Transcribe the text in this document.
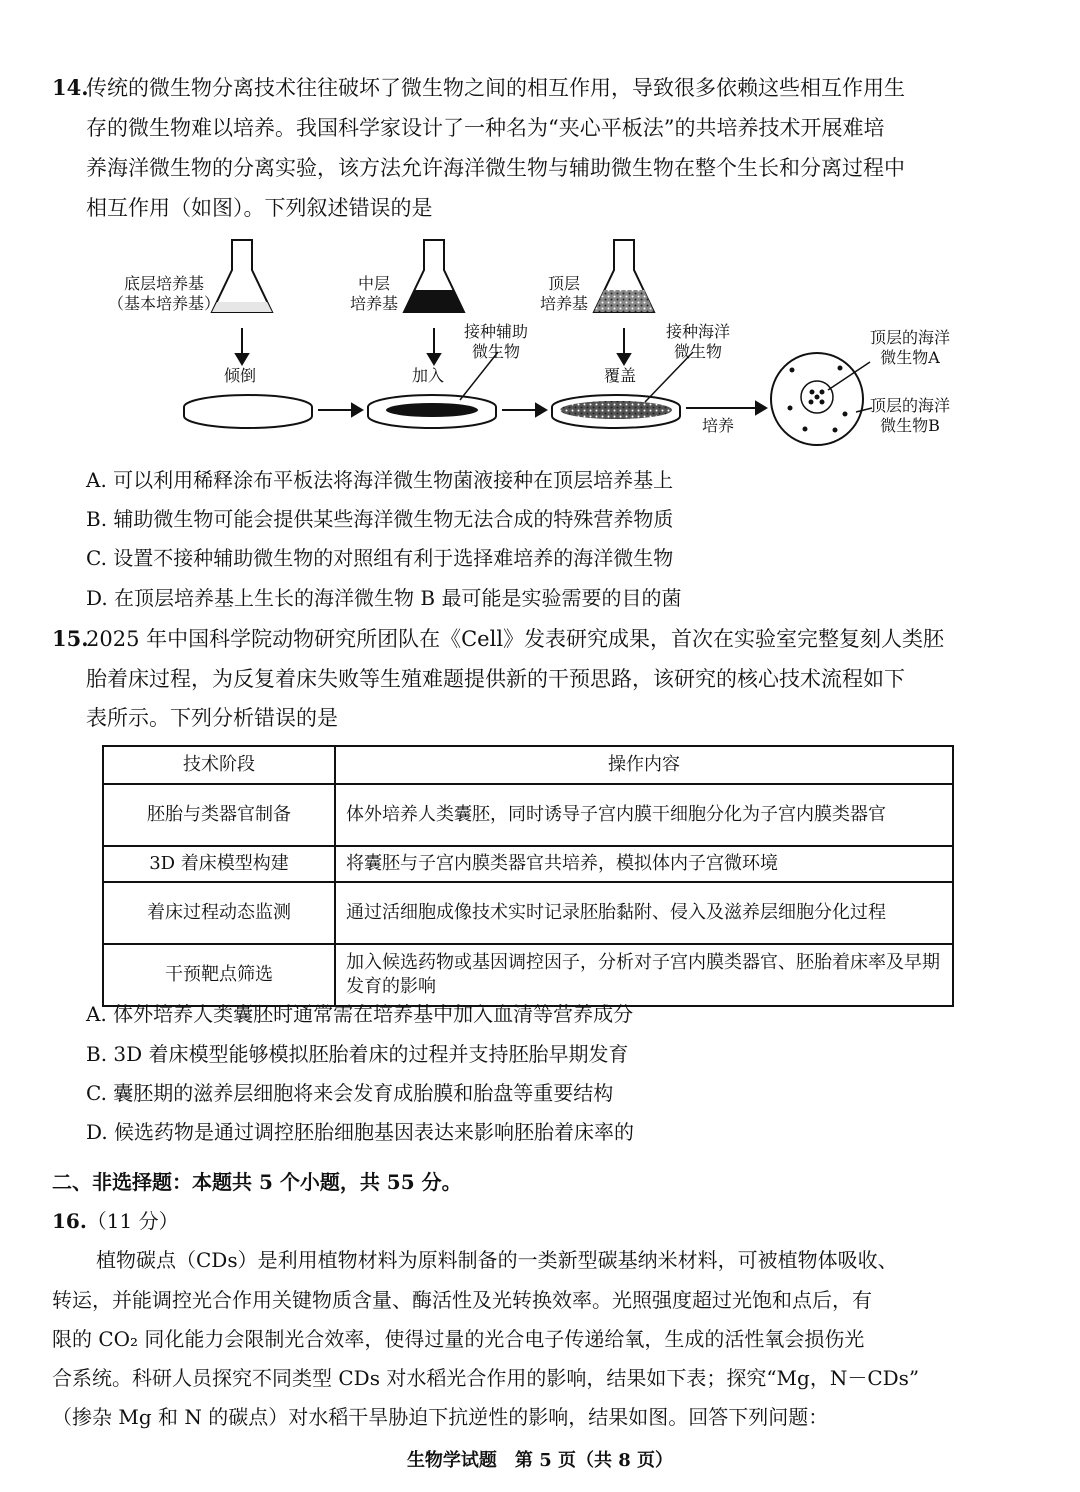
14.
传统的微生物分离技术往往破坏了微生物之间的相互作用，导致很多依赖这些相互作用生
存的微生物难以培养。我国科学家设计了一种名为“夹心平板法”的共培养技术开展难培
养海洋微生物的分离实验，该方法允许海洋微生物与辅助微生物在整个生长和分离过程中
相互作用（如图）。下列叙述错误的是
底层培养基
（基本培养基）
中层
培养基
顶层
培养基
倾倒	加入	覆盖
培养
接种辅助
微生物
接种海洋
微生物
顶层的海洋
微生物A
顶层的海洋
微生物B
A. 可以利用稀释涂布平板法将海洋微生物菌液接种在顶层培养基上
B. 辅助微生物可能会提供某些海洋微生物无法合成的特殊营养物质
C. 设置不接种辅助微生物的对照组有利于选择难培养的海洋微生物
D. 在顶层培养基上生长的海洋微生物 B 最可能是实验需要的目的菌
15.
2025 年中国科学院动物研究所团队在《Cell》发表研究成果，首次在实验室完整复刻人类胚
胎着床过程，为反复着床失败等生殖难题提供新的干预思路，该研究的核心技术流程如下
表所示。下列分析错误的是
技术阶段	操作内容
胚胎与类器官制备	体外培养人类囊胚，同时诱导子宫内膜干细胞分化为子宫内膜类器官
3D 着床模型构建	将囊胚与子宫内膜类器官共培养，模拟体内子宫微环境
着床过程动态监测	通过活细胞成像技术实时记录胚胎黏附、侵入及滋养层细胞分化过程
干预靶点筛选	加入候选药物或基因调控因子，分析对子宫内膜类器官、胚胎着床率及早期发育的影响
A. 体外培养人类囊胚时通常需在培养基中加入血清等营养成分
B. 3D 着床模型能够模拟胚胎着床的过程并支持胚胎早期发育
C. 囊胚期的滋养层细胞将来会发育成胎膜和胎盘等重要结构
D. 候选药物是通过调控胚胎细胞基因表达来影响胚胎着床率的
二、非选择题：本题共 5 个小题，共 55 分。
16.（11 分）
植物碳点（CDs）是利用植物材料为原料制备的一类新型碳基纳米材料，可被植物体吸收、
转运，并能调控光合作用关键物质含量、酶活性及光转换效率。光照强度超过光饱和点后，有
限的 CO₂ 同化能力会限制光合效率，使得过量的光合电子传递给氧，生成的活性氧会损伤光
合系统。科研人员探究不同类型 CDs 对水稻光合作用的影响，结果如下表；探究“Mg，N－CDs”
（掺杂 Mg 和 N 的碳点）对水稻干旱胁迫下抗逆性的影响，结果如图。回答下列问题：
生物学试题　第 5 页（共 8 页）
